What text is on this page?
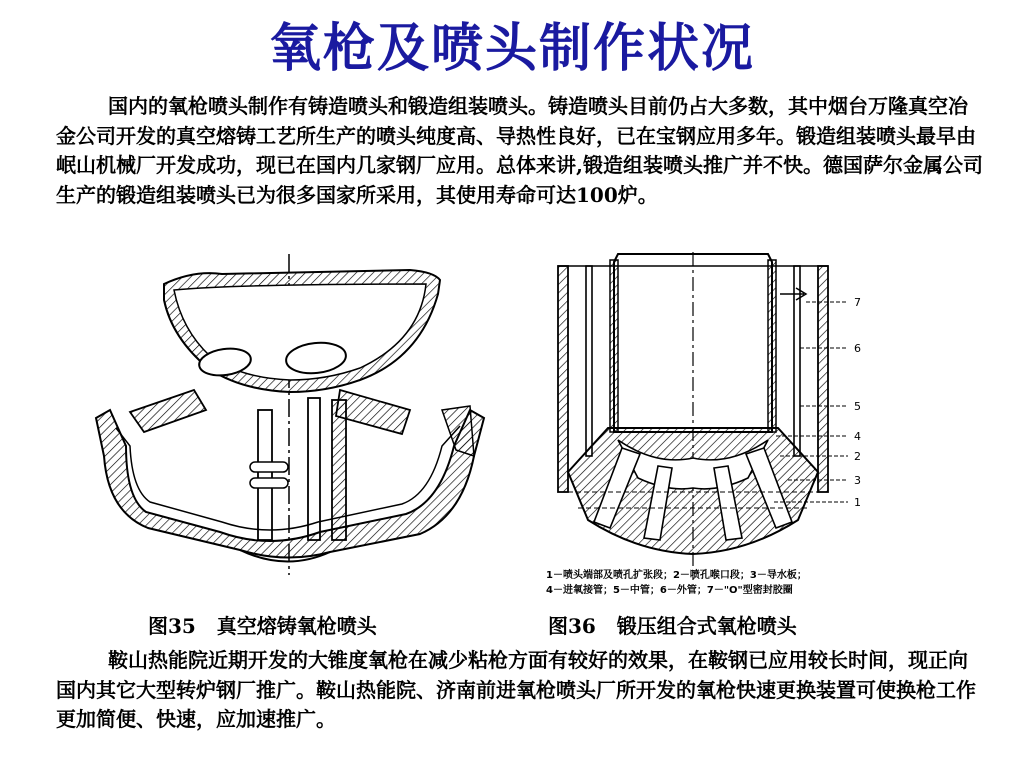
氧枪及喷头制作状况
国内的氧枪喷头制作有铸造喷头和锻造组装喷头。铸造喷头目前仍占大多数，其中烟台万隆真空冶金公司开发的真空熔铸工艺所生产的喷头纯度高、导热性良好，已在宝钢应用多年。锻造组装喷头最早由岷山机械厂开发成功，现已在国内几家钢厂应用。总体来讲,锻造组装喷头推广并不快。德国萨尔金属公司生产的锻造组装喷头已为很多国家所采用，其使用寿命可达100炉。
7
6
5
4
2
3
1
1－喷头端部及喷孔扩张段；2－喷孔喉口段；3－导水板；
4－进氧接管；5－中管；6－外管；7－"O"型密封胶圈
图35   真空熔铸氧枪喷头	图36   锻压组合式氧枪喷头
鞍山热能院近期开发的大锥度氧枪在减少粘枪方面有较好的效果，在鞍钢已应用较长时间，现正向国内其它大型转炉钢厂推广。鞍山热能院、济南前进氧枪喷头厂所开发的氧枪快速更换装置可使换枪工作更加简便、快速，应加速推广。
